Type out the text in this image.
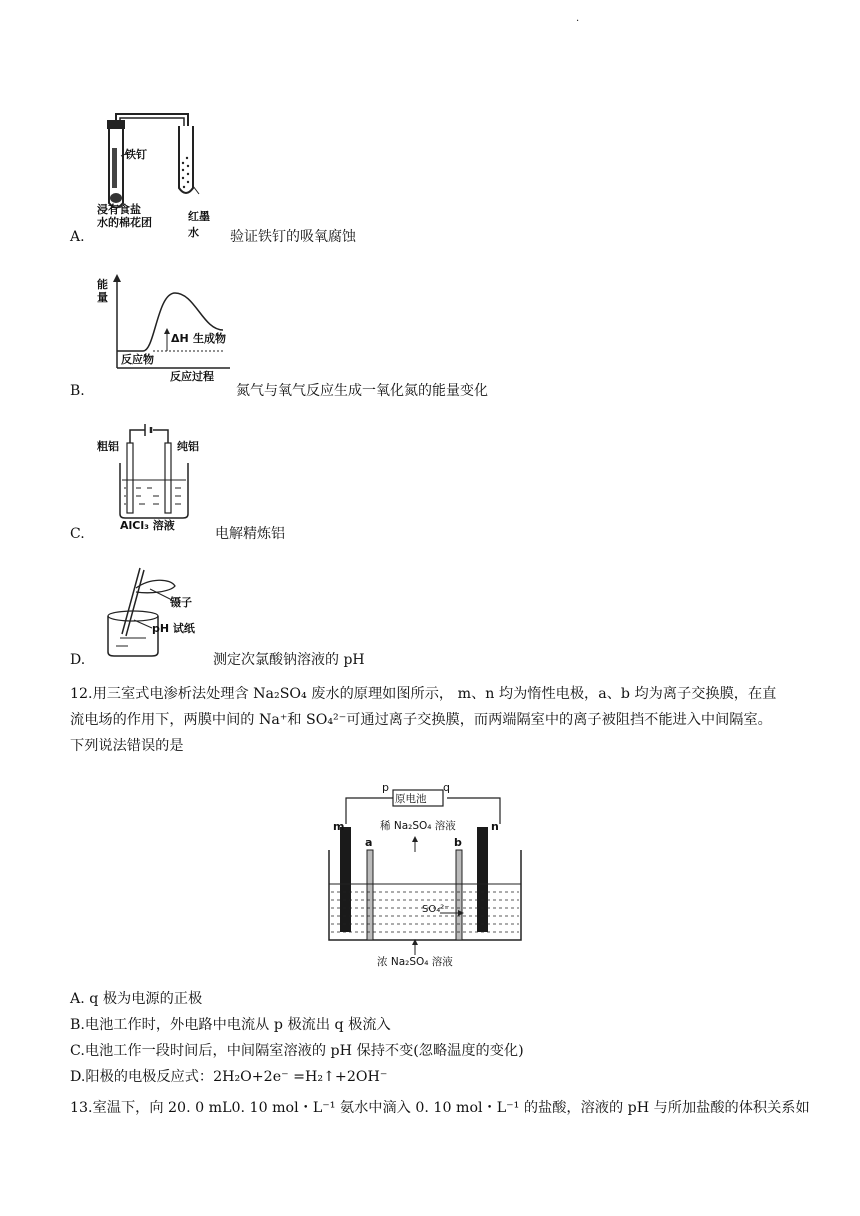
.
铁钉
浸有食盐
水的棉花团	红墨水
A.	验证铁钉的吸氧腐蚀
能
量
反应物
ΔH 生成物
反应过程
B.	氮气与氧气反应生成一氧化氮的能量变化
粗铝	纯铝
AlCl₃ 溶液
C.	电解精炼铝
镊子
pH 试纸
D.	测定次氯酸钠溶液的 pH
12.用三室式电渗析法处理含 Na₂SO₄ 废水的原理如图所示， m、n 均为惰性电极，a、b 均为离子交换膜，在直
流电场的作用下，两膜中间的 Na⁺和 SO₄²⁻可通过离子交换膜，而两端隔室中的离子被阻挡不能进入中间隔室。
下列说法错误的是
p	q
原电池
m	n
a	b
稀 Na₂SO₄ 溶液
SO₄²⁻
浓 Na₂SO₄ 溶液
A. q 极为电源的正极
B.电池工作时，外电路中电流从 p 极流出 q 极流入
C.电池工作一段时间后，中间隔室溶液的 pH 保持不变(忽略温度的变化)
D.阳极的电极反应式：2H₂O+2e⁻ =H₂↑+2OH⁻
13.室温下，向 20. 0 mL0. 10 mol・L⁻¹ 氨水中滴入 0. 10 mol・L⁻¹ 的盐酸，溶液的 pH 与所加盐酸的体积关系如
